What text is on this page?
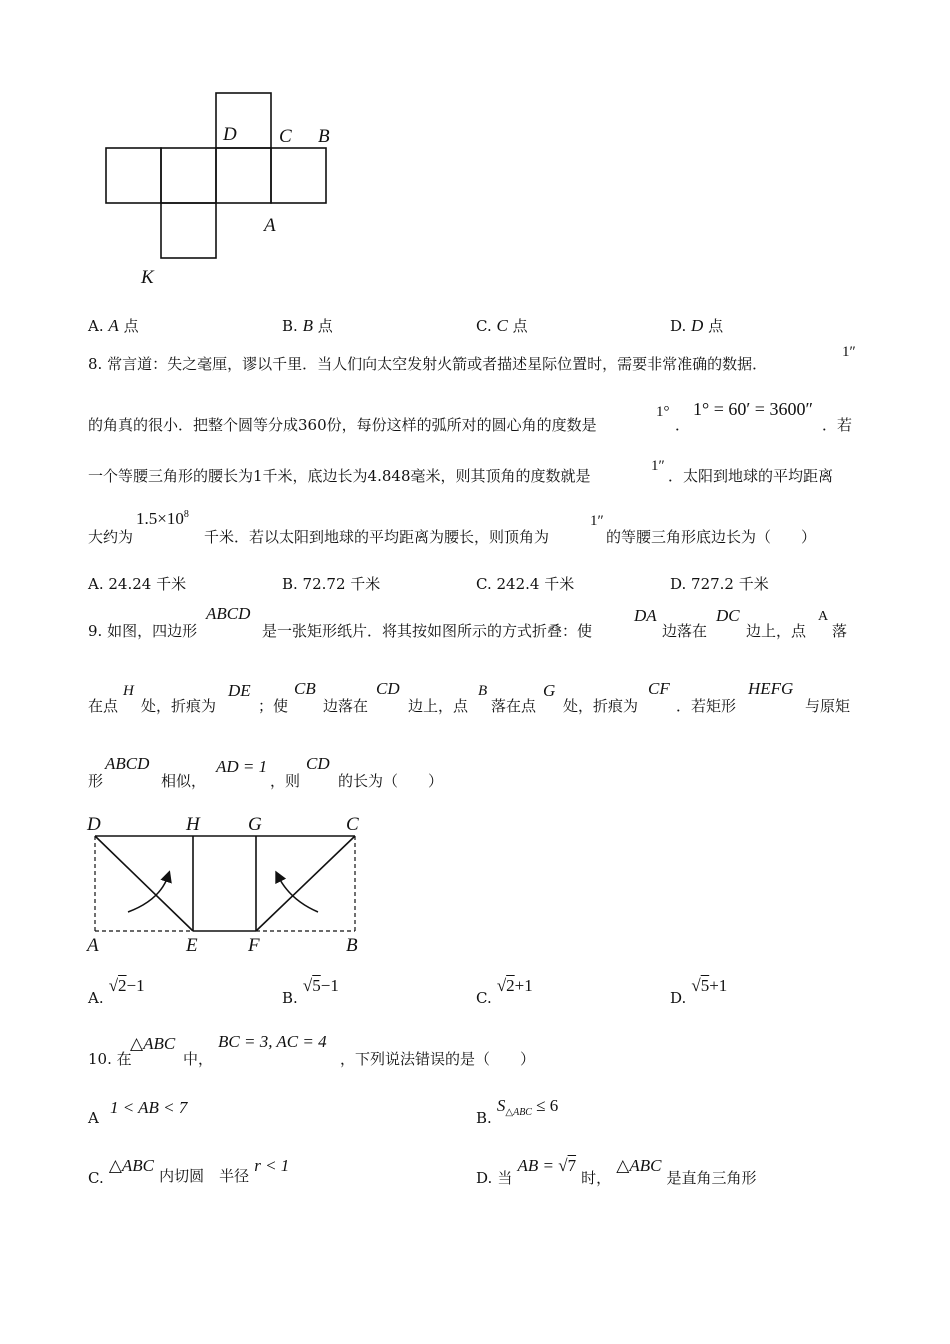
D C B
A
K
A. A 点	B. B 点	C. C 点	D. D 点
8. 常言道：失之毫厘，谬以千里．当人们向太空发射火箭或者描述星际位置时，需要非常准确的数据．
1″
的角真的很小．把整个圆等分成360份，每份这样的弧所对的圆心角的度数是
1°
．
1° = 60′ = 3600″
．若
一个等腰三角形的腰长为1千米，底边长为4.848毫米，则其顶角的度数就是
1″
．太阳到地球的平均距离
大约为
$1.5\times 10^8$
千米．若以太阳到地球的平均距离为腰长，则顶角为
1″
的等腰三角形底边长为（　　）
A. 24.24 千米	B. 72.72 千米	C. 242.4 千米	D. 727.2 千米
9. 如图，四边形
ABCD
是一张矩形纸片．将其按如图所示的方式折叠：使
DA
边落在
DC
边上，点
A
落
在点
H
处，折痕为
DE
；使
CB
边落在
CD
边上，点
B
落在点
G
处，折痕为
CF
．若矩形
HEFG
与原矩
形
ABCD
相似，
AD = 1
，则
CD
的长为（　　）
D	H	G	C
A	E	F	B
A. √2−1
B. √5−1
C. √2+1
D. √5+1
10. 在
△ABC
中，
BC = 3, AC = 4
，下列说法错误的是（　　）
A 1 < AB < 7
B. $S_{\triangle ABC} \le 6$
C. △ABC 内切圆　半径 r < 1
D. 当 AB = √7 时， △ABC 是直角三角形
